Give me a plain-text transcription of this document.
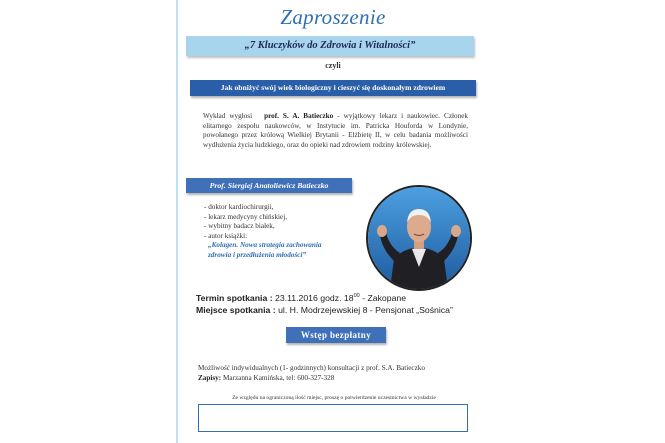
Zaproszenie
„7 Kluczyków do Zdrowia i Witalności”
czyli
Jak obniżyć swój wiek biologiczny i cieszyć się doskonałym zdrowiem
Wykład wygłosi prof. S. A. Batieczko - wyjątkowy lekarz i naukowiec. Członek elitarnego zespołu naukowców, w Instytucie im. Patricka Houforda w Londynie, powołanego przez królową Wielkiej Brytanii - Elżbietę II, w celu badania możliwości wydłużenia życia ludzkiego, oraz do opieki nad zdrowiem rodziny królewskiej.
Prof. Siergiej Anatoliewicz Batieczko
- doktor kardiochirurgii,
- lekarz medycyny chińskiej,
- wybitny badacz białek,
- autor książki:
„Kolagen. Nowa strategia zachowania
zdrowia i przedłużenia młodości”
Termin spotkania : 23.11.2016 godz. $18^{00}$ - Zakopane
Miejsce spotkania : ul. H. Modrzejewskiej 8 - Pensjonat „Sośnica”
Wstęp bezpłatny
Możliwość indywidualnych (1- godzinnych) konsultacji z prof. S.A. Batieczko
Zapisy: Marzanna Kamińska, tel: 600-327-328
Ze względu na ograniczoną ilość miejsc, proszę o potwierdzenie uczestnictwa w wysładzie
